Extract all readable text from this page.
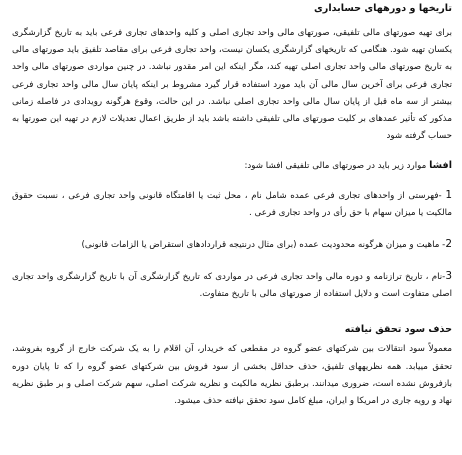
تاریخها و دورههای حسابداری

برای تهیه صورتهای مالی تلفیقی، صورتهای مالی واحد تجاری اصلی و کلیه واحدهای تجاری فرعی باید به تاریخ گزارشگری یکسان تهیه شود. هنگامی که تاریخهای گزارشگری یکسان نیست، واحد تجاری فرعی برای مقاصد تلفیق باید صورتهای مالی به تاریخ صورتهای مالی واحد تجاری اصلی تهیه کند، مگر اینکه این امر مقدور نباشد. در چنین مواردی صورتهای مالی واحد تجاری فرعی برای آخرین سال مالی آن باید مورد استفاده قرار گیرد مشروط بر اینکه پایان سال مالی واحد تجاری فرعی بیشتر از سه ماه قبل از پایان سال مالی واحد تجاری اصلی نباشد. در این حالت، وقوع هرگونه رویدادی در فاصله زمانی مذکور که تأثیر عمدهای بر کلیت صورتهای مالی تلفیقی داشته باشد باید از طریق اعمال تعدیلات لازم در تهیه این صورتها به حساب گرفته شود

افشا موارد زیر باید در صورتهای مالی تلفیقی افشا شود:

1 -فهرستی از واحدهای تجاری فرعی عمده شامل نام ، محل ثبت یا اقامتگاه قانونی واحد تجاری فرعی ، نسبت حقوق مالکیت یا میزان سهام با حق رأی در واحد تجاری فرعی .

2- ماهیت و میزان هرگونه محدودیت عمده (برای مثال درنتیجه قراردادهای استقراض یا الزامات قانونی)

3-نام ، تاریخ ترازنامه و دوره مالی واحد تجاری فرعی در مواردی که تاریخ گزارشگری آن با تاریخ گزارشگری واحد تجاری اصلی متفاوت است و دلایل استفاده از صورتهای مالی با تاریخ متفاوت.

حذف سود تحقق نیافته

معمولاً سود انتقالات بین شرکتهای عضو گروه در مقطعی که خریدار، آن اقلام را به یک شرکت خارج از گروه بفروشد، تحقق مییابد. همه نظریههای تلفیق، حذف حداقل بخشی از سود فروش بین شرکتهای عضو گروه را که تا پایان دوره بازفروش نشده است، ضروری میدانند. برطبق نظریه مالکیت و نظریه شرکت اصلی، سهم شرکت اصلی و بر طبق نظریه نهاد و رویه جاری در امریکا و ایران، مبلغ کامل سود تحقق نیافته حذف میشود.
